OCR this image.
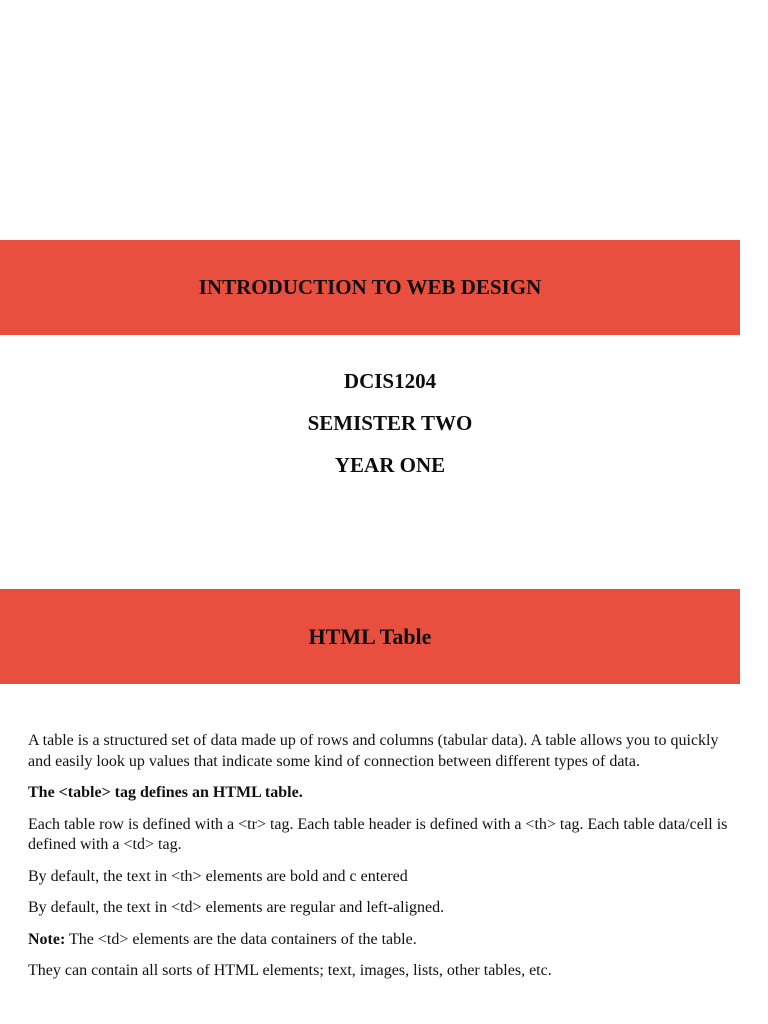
INTRODUCTION TO WEB DESIGN
DCIS1204
SEMISTER TWO
YEAR ONE
HTML Table

A table is a structured set of data made up of rows and columns (tabular data). A table allows you to quickly and easily look up values that indicate some kind of connection between different types of data.

The <table> tag defines an HTML table.

Each table row is defined with a <tr> tag. Each table header is defined with a <th> tag. Each table data/cell is defined with a <td> tag.

By default, the text in <th> elements are bold and c entered

By default, the text in <td> elements are regular and left-aligned.

Note: The <td> elements are the data containers of the table.

They can contain all sorts of HTML elements; text, images, lists, other tables, etc.
